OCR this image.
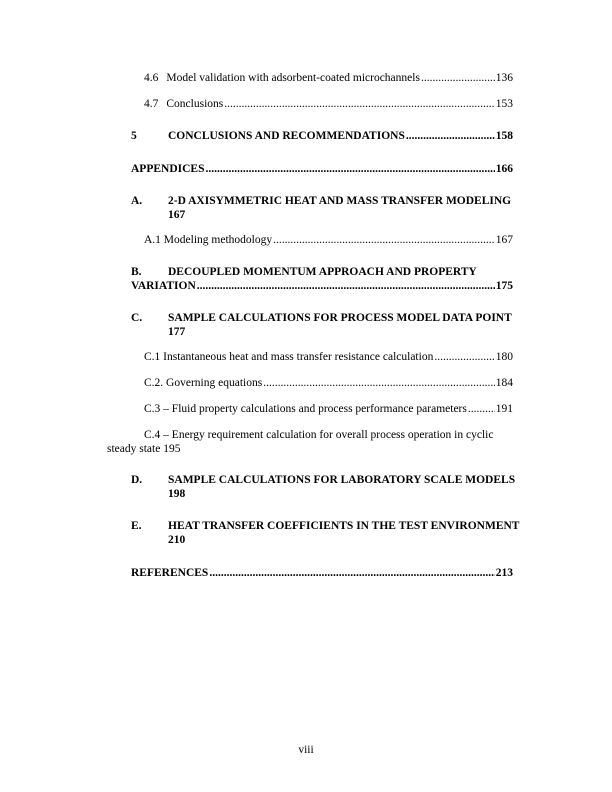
4.6 Model validation with adsorbent-coated microchannels .....	136
4.7 Conclusions .....	153
5	CONCLUSIONS AND RECOMMENDATIONS .....	158
APPENDICES .....	166
A. 2-D AXISYMMETRIC HEAT AND MASS TRANSFER MODELING
167
A.1 Modeling methodology .....	167
B. DECOUPLED MOMENTUM APPROACH AND PROPERTY
VARIATION .....	175
C. SAMPLE CALCULATIONS FOR PROCESS MODEL DATA POINT
177
C.1 Instantaneous heat and mass transfer resistance calculation .....	180
C.2. Governing equations .....	184
C.3 – Fluid property calculations and process performance parameters .....	191
C.4 – Energy requirement calculation for overall process operation in cyclic
steady state 195
D. SAMPLE CALCULATIONS FOR LABORATORY SCALE MODELS
198
E. HEAT TRANSFER COEFFICIENTS IN THE TEST ENVIRONMENT
210
REFERENCES .....	213
viii
